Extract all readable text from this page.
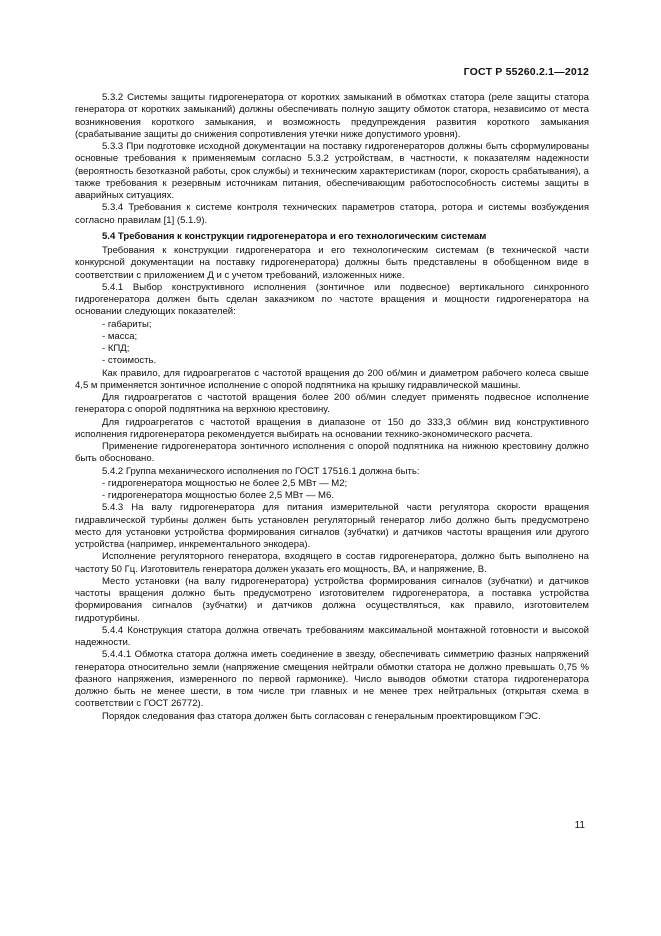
ГОСТ Р 55260.2.1—2012

5.3.2 Системы защиты гидрогенератора от коротких замыканий в обмотках статора (реле защиты статора генератора от коротких замыканий) должны обеспечивать полную защиту обмоток статора, независимо от места возникновения короткого замыкания, и возможность предупреждения развития короткого замыкания (срабатывание защиты до снижения сопротивления утечки ниже допустимого уровня).

5.3.3 При подготовке исходной документации на поставку гидрогенераторов должны быть сформулированы основные требования к применяемым согласно 5.3.2 устройствам, в частности, к показателям надежности (вероятность безотказной работы, срок службы) и техническим характеристикам (порог, скорость срабатывания), а также требования к резервным источникам питания, обеспечивающим работоспособность системы защиты в аварийных ситуациях.

5.3.4 Требования к системе контроля технических параметров статора, ротора и системы возбуждения согласно правилам [1] (5.1.9).

5.4 Требования к конструкции гидрогенератора и его технологическим системам

Требования к конструкции гидрогенератора и его технологическим системам (в технической части конкурсной документации на поставку гидрогенератора) должны быть представлены в обобщенном виде в соответствии с приложением Д и с учетом требований, изложенных ниже.

5.4.1 Выбор конструктивного исполнения (зонтичное или подвесное) вертикального синхронного гидрогенератора должен быть сделан заказчиком по частоте вращения и мощности гидрогенератора на основании следующих показателей:

- габариты;

- масса;

- КПД;

- стоимость.

Как правило, для гидроагрегатов с частотой вращения до 200 об/мин и диаметром рабочего колеса свыше 4,5 м применяется зонтичное исполнение с опорой подпятника на крышку гидравлической машины.

Для гидроагрегатов с частотой вращения более 200 об/мин следует применять подвесное исполнение генератора с опорой подпятника на верхнюю крестовину.

Для гидроагрегатов с частотой вращения в диапазоне от 150 до 333,3 об/мин вид конструктивного исполнения гидрогенератора рекомендуется выбирать на основании технико-экономического расчета.

Применение гидрогенератора зонтичного исполнения с опорой подпятника на нижнюю крестовину должно быть обосновано.

5.4.2 Группа механического исполнения по ГОСТ 17516.1 должна быть:

- гидрогенератора мощностью не более 2,5 МВт — М2;

- гидрогенератора мощностью более 2,5 МВт — М6.

5.4.3 На валу гидрогенератора для питания измерительной части регулятора скорости вращения гидравлической турбины должен быть установлен регуляторный генератор либо должно быть предусмотрено место для установки устройства формирования сигналов (зубчатки) и датчиков частоты вращения или другого устройства (например, инкрементального энкодера).

Исполнение регуляторного генератора, входящего в состав гидрогенератора, должно быть выполнено на частоту 50 Гц. Изготовитель генератора должен указать его мощность, ВА, и напряжение, В.

Место установки (на валу гидрогенератора) устройства формирования сигналов (зубчатки) и датчиков частоты вращения должно быть предусмотрено изготовителем гидрогенератора, а поставка устройства формирования сигналов (зубчатки) и датчиков должна осуществляться, как правило, изготовителем гидротурбины.

5.4.4 Конструкция статора должна отвечать требованиям максимальной монтажной готовности и высокой надежности.

5.4.4.1 Обмотка статора должна иметь соединение в звезду, обеспечивать симметрию фазных напряжений генератора относительно земли (напряжение смещения нейтрали обмотки статора не должно превышать 0,75 % фазного напряжения, измеренного по первой гармонике). Число выводов обмотки статора гидрогенератора должно быть не менее шести, в том числе три главных и не менее трех нейтральных (открытая схема в соответствии с ГОСТ 26772).

Порядок следования фаз статора должен быть согласован с генеральным проектировщиком ГЭС.

11
